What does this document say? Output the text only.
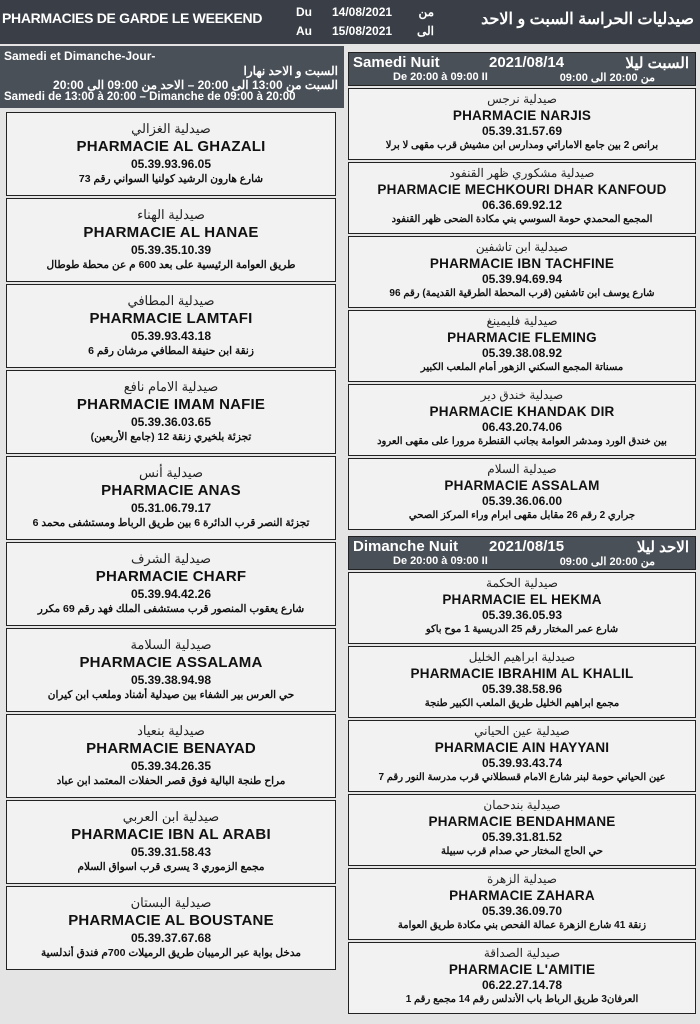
PHARMACIES DE GARDE LE WEEKEND	Du	14/08/2021	من
Au	15/08/2021	الى
صيدليات الحراسة السبت و الاحد
Samedi et Dimanche-Jour-
السبت و الاحد نهارا
السبت من 13:00 الى 20:00 – الاحد من 09:00 الى 20:00
Samedi de 13:00 à 20:00 – Dimanche de 09:00 à 20:00
صيدلية الغزالي
PHARMACIE AL GHAZALI
05.39.93.96.05
شارع هارون الرشيد كولنيا السواني رقم 73
صيدلية الهناء
PHARMACIE AL HANAE
05.39.35.10.39
طريق العوامة الرئيسية على بعد 600 م عن محطة طوطال
صيدلية المطافي
PHARMACIE LAMTAFI
05.39.93.43.18
زنقة ابن حنيفة المطافي مرشان رقم 6
صيدلية الامام نافع
PHARMACIE IMAM NAFIE
05.39.36.03.65
تجزئة بلخيري زنقة 12 (جامع الأربعين)
صيدلية أنس
PHARMACIE ANAS
05.31.06.79.17
تجزئة النصر قرب الدائرة 6 بين طريق الرباط ومستشفى محمد 6
صيدلية الشرف
PHARMACIE CHARF
05.39.94.42.26
شارع يعقوب المنصور قرب مستشفى الملك فهد رقم 69 مكرر
صيدلية السلامة
PHARMACIE ASSALAMA
05.39.38.94.98
حي العرس بير الشفاء بين صيدلية أشناد وملعب ابن كيران
صيدلية بنعياد
PHARMACIE BENAYAD
05.39.34.26.35
مراح طنجة البالية فوق قصر الحفلات المعتمد ابن عباد
صيدلية ابن العربي
PHARMACIE IBN AL ARABI
05.39.31.58.43
مجمع الزموري 3 يسرى قرب اسواق السلام
صيدلية البستان
PHARMACIE AL BOUSTANE
05.39.37.67.68
مدخل بوابة عبر الرميبان طريق الرميلات 700م فندق أندلسية
Samedi Nuit	2021/08/14	السبت ليلا
De 20:00 à 09:00 II	من 20:00 الى 09:00
صيدلية نرجس
PHARMACIE NARJIS
05.39.31.57.69
برانص 2 بين جامع الاماراتي ومدارس ابن مشيش قرب مقهى لا برلا
صيدلية مشكوري ظهر القنفود
PHARMACIE MECHKOURI DHAR KANFOUD
06.36.69.92.12
المجمع المحمدي حومة السوسي بني مكادة الضحى ظهر القنفود
صيدلية ابن تاشفين
PHARMACIE IBN TACHFINE
05.39.94.69.94
شارع يوسف ابن تاشفين (قرب المحطة الطرقية القديمة) رقم 96
صيدلية فليمينغ
PHARMACIE FLEMING
05.39.38.08.92
مسناتة المجمع السكني الزهور أمام الملعب الكبير
صيدلية خندق دير
PHARMACIE KHANDAK DIR
06.43.20.74.06
بين خندق الورد ومدشر العوامة بجانب القنطرة مرورا على مقهى العرود
صيدلية السلام
PHARMACIE ASSALAM
05.39.36.06.00
جراري 2 رقم 26 مقابل مقهى ابرام وراء المركز الصحي
Dimanche Nuit 2021/08/15	الاحد ليلا
De 20:00 à 09:00 II	من 20:00 الى 09:00
صيدلية الحكمة
PHARMACIE EL HEKMA
05.39.36.05.93
شارع عمر المختار رقم 25 الدريسية 1 موح باكو
صيدلية ابراهيم الخليل
PHARMACIE IBRAHIM AL KHALIL
05.39.38.58.96
مجمع ابراهيم الخليل طريق الملعب الكبير طنجة
صيدلية عين الحياني
PHARMACIE AIN HAYYANI
05.39.93.43.74
عين الحياني حومة لبنر شارع الامام قسطلاني قرب مدرسة النور رقم 7
صيدلية بندحمان
PHARMACIE BENDAHMANE
05.39.31.81.52
حي الحاج المختار حي صدام قرب سبيلة
صيدلية الزهرة
PHARMACIE ZAHARA
05.39.36.09.70
زنقة 41 شارع الزهرة عمالة الفحص بني مكادة طريق العوامة
صيدلية الصداقة
PHARMACIE L'AMITIE
06.22.27.14.78
العرفان3 طريق الرباط باب الأندلس رقم 14 مجمع رقم 1
